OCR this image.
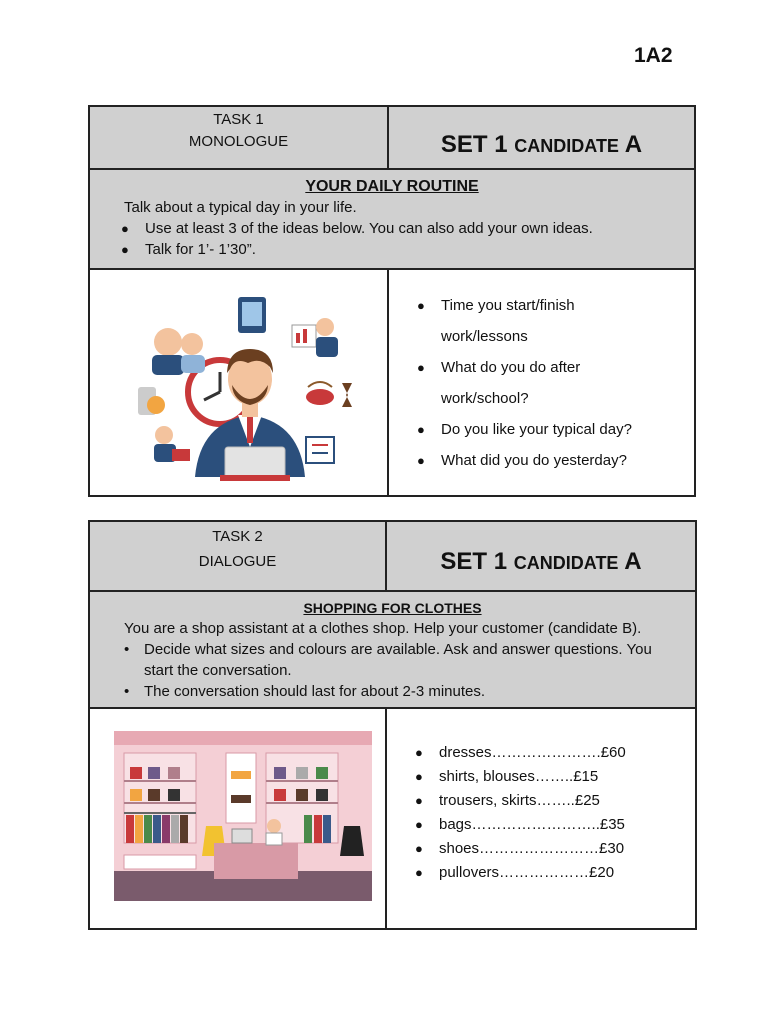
1A2
TASK 1
MONOLOGUE	SET 1 CANDIDATE A
YOUR DAILY ROUTINE
Talk about a typical day in your life.
● Use at least 3 of the ideas below. You can also add your own ideas.
● Talk for 1’- 1’30”.
● Time you start/finish work/lessons
● What do you do after work/school?
● Do you like your typical day?
● What did you do yesterday?
TASK 2
DIALOGUE	SET 1 CANDIDATE A
SHOPPING FOR CLOTHES
You are a shop assistant at a clothes shop. Help your customer (candidate B).
• Decide what sizes and colours are available. Ask and answer questions. You start the conversation.
• The conversation should last for about 2-3 minutes.
● dresses………………….£60
● shirts, blouses……..£15
● trousers, skirts……..£25
● bags……………………..£35
● shoes……………………£30
● pullovers………………£20
